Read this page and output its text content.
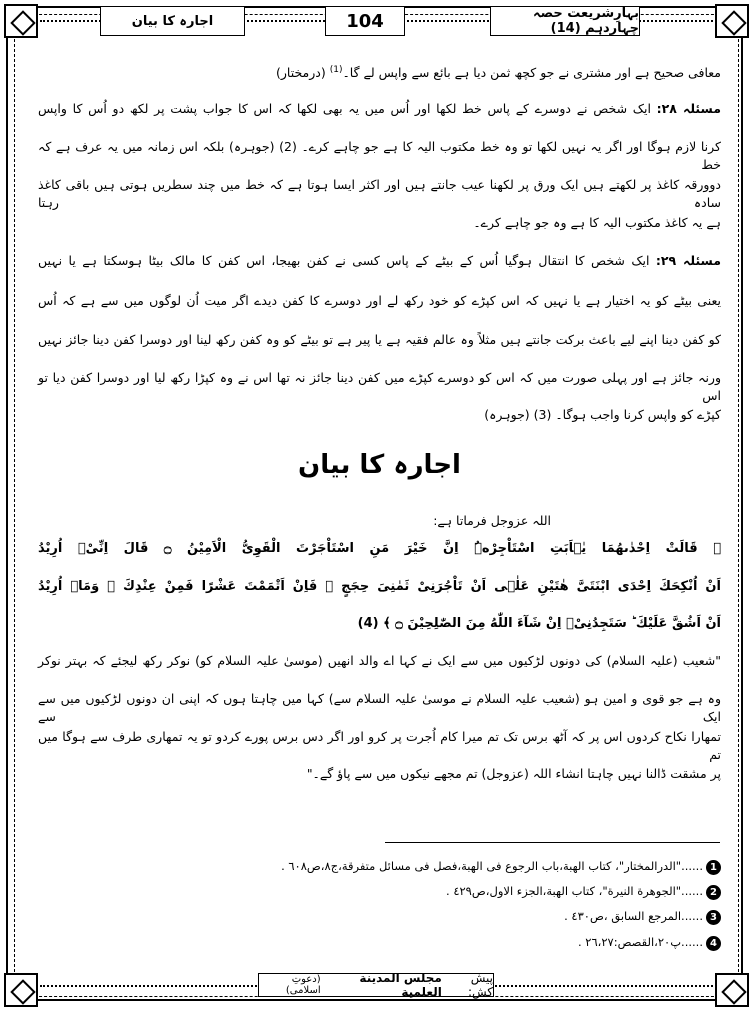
اجارہ کا بیان	104	بہارِشریعت حصہ چہاردہم (14)
معافی صحیح ہے اور مشتری نے جو کچھ ثمن دیا ہے بائع سے واپس لے گا۔$^{(1)}$ (درمختار)
مسئلہ ۲۸: ایک شخص نے دوسرے کے پاس خط لکھا اور اُس میں یہ بھی لکھا کہ اس کا جواب پشت پر لکھ دو اُس کا واپس
کرنا لازم ہوگا اور اگر یہ نہیں لکھا تو وہ خط مکتوب الیہ کا ہے جو چاہے کرے۔ (2) (جوہرہ) بلکہ اس زمانہ میں یہ عرف ہے کہ خط
دوورقہ کاغذ پر لکھتے ہیں ایک ورق پر لکھنا عیب جانتے ہیں اور اکثر ایسا ہوتا ہے کہ خط میں چند سطریں ہوتی ہیں باقی کاغذ سادہ رہتا
ہے یہ کاغذ مکتوب الیہ کا ہے وہ جو چاہے کرے۔
مسئلہ ۲۹: ایک شخص کا انتقال ہوگیا اُس کے بیٹے کے پاس کسی نے کفن بھیجا، اس کفن کا مالک بیٹا ہوسکتا ہے یا نہیں
یعنی بیٹے کو یہ اختیار ہے یا نہیں کہ اس کپڑے کو خود رکھ لے اور دوسرے کا کفن دیدے اگر میت اُن لوگوں میں سے ہے کہ اُس
کو کفن دینا اپنے لیے باعث برکت جانتے ہیں مثلاً وہ عالم فقیہ ہے یا پیر ہے تو بیٹے کو وہ کفن رکھ لینا اور دوسرا کفن دینا جائز نہیں
ورنہ جائز ہے اور پہلی صورت میں کہ اس کو دوسرے کپڑے میں کفن دینا جائز نہ تھا اس نے وہ کپڑا رکھ لیا اور دوسرا کفن دیا تو اس
کپڑے کو واپس کرنا واجب ہوگا۔ (3) (جوہرہ)
اجارہ کا بیان
اللہ عزوجل فرماتا ہے:
﴿ قَالَتْ اِحْدٰىهُمَا یٰۤاَبَتِ اسْتَاْجِرْهُ٘ اِنَّ خَیْرَ مَنِ اسْتَاْجَرْتَ الْقَوِیُّ الْاَمِیْنُ ۝ قَالَ اِنِّیْۤ اُرِیْدُ
اَنْ اُنْكِحَكَ اِحْدَى ابْنَتَیَّ هٰتَیْنِ عَلٰۤى اَنْ تَاْجُرَنِیْ ثَمٰنِیَ حِجَجٍ ۚ فَاِنْ اَتْمَمْتَ عَشْرًا فَمِنْ عِنْدِكَ ۚ وَمَاۤ اُرِیْدُ
اَنْ اَشُقَّ عَلَیْكَ ؕ سَتَجِدُنِیْۤ اِنْ شَآءَ اللّٰهُ مِنَ الصّٰلِحِیْنَ ۝ ﴾ (4)
"شعیب (علیہ السلام) کی دونوں لڑکیوں میں سے ایک نے کہا اے والد انھیں (موسیٰ علیہ السلام کو) نوکر رکھ لیجئے کہ بہتر نوکر
وہ ہے جو قوی و امین ہو (شعیب علیہ السلام نے موسیٰ علیہ السلام سے) کہا میں چاہتا ہوں کہ اپنی ان دونوں لڑکیوں میں سے ایک سے
تمھارا نکاح کردوں اس پر کہ آٹھ برس تک تم میرا کام اُجرت پر کرو اور اگر دس برس پورے کردو تو یہ تمھاری طرف سے ہوگا میں تم
پر مشقت ڈالنا نہیں چاہتا انشاء اللہ (عزوجل) تم مجھے نیکوں میں سے پاؤ گے۔"
1......"الدرالمختار"، کتاب الهبة،باب الرجوع فی الهبة،فصل فی مسائل متفرقة،ج٨،ص٦٠٨ .
2......"الجوهرة النيرة"، کتاب الهبة،الجزء الاول،ص٤٢٩ .
3......المرجع السابق ،ص٤٣٠ .
4......پ٢٠،القصص:٢٦،٢٧ .
پیش کش:
مجلس المدينة العلمية
(دعوتِ اسلامی)
